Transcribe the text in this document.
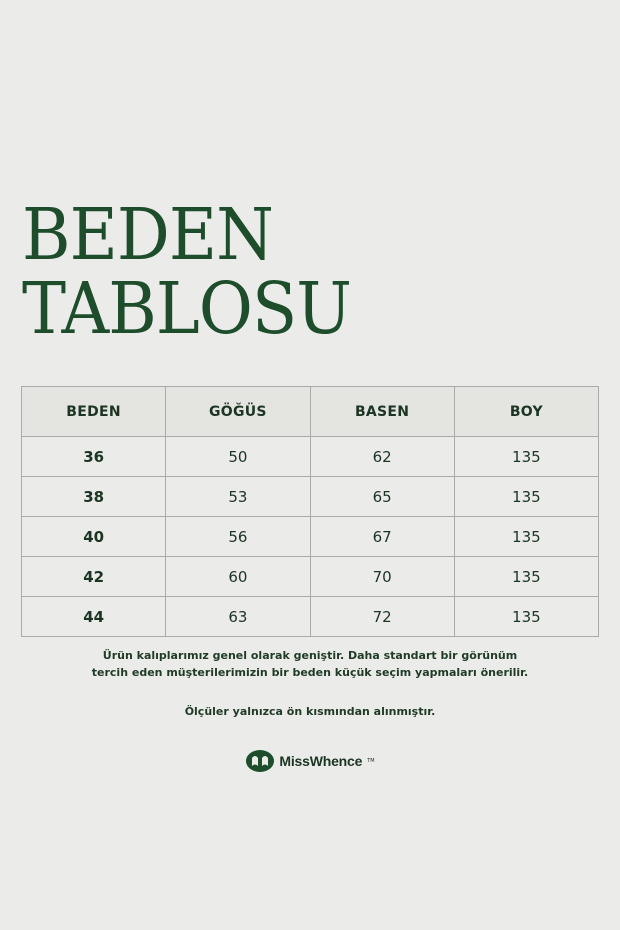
BEDEN
TABLOSU
BEDEN	GÖĞÜS	BASEN	BOY
36	50	62	135
38	53	65	135
40	56	67	135
42	60	70	135
44	63	72	135

Ürün kalıplarımız genel olarak geniştir. Daha standart bir görünüm
tercih eden müşterilerimizin bir beden küçük seçim yapmaları önerilir.

Ölçüler yalnızca ön kısmından alınmıştır.

MissWhence TM
